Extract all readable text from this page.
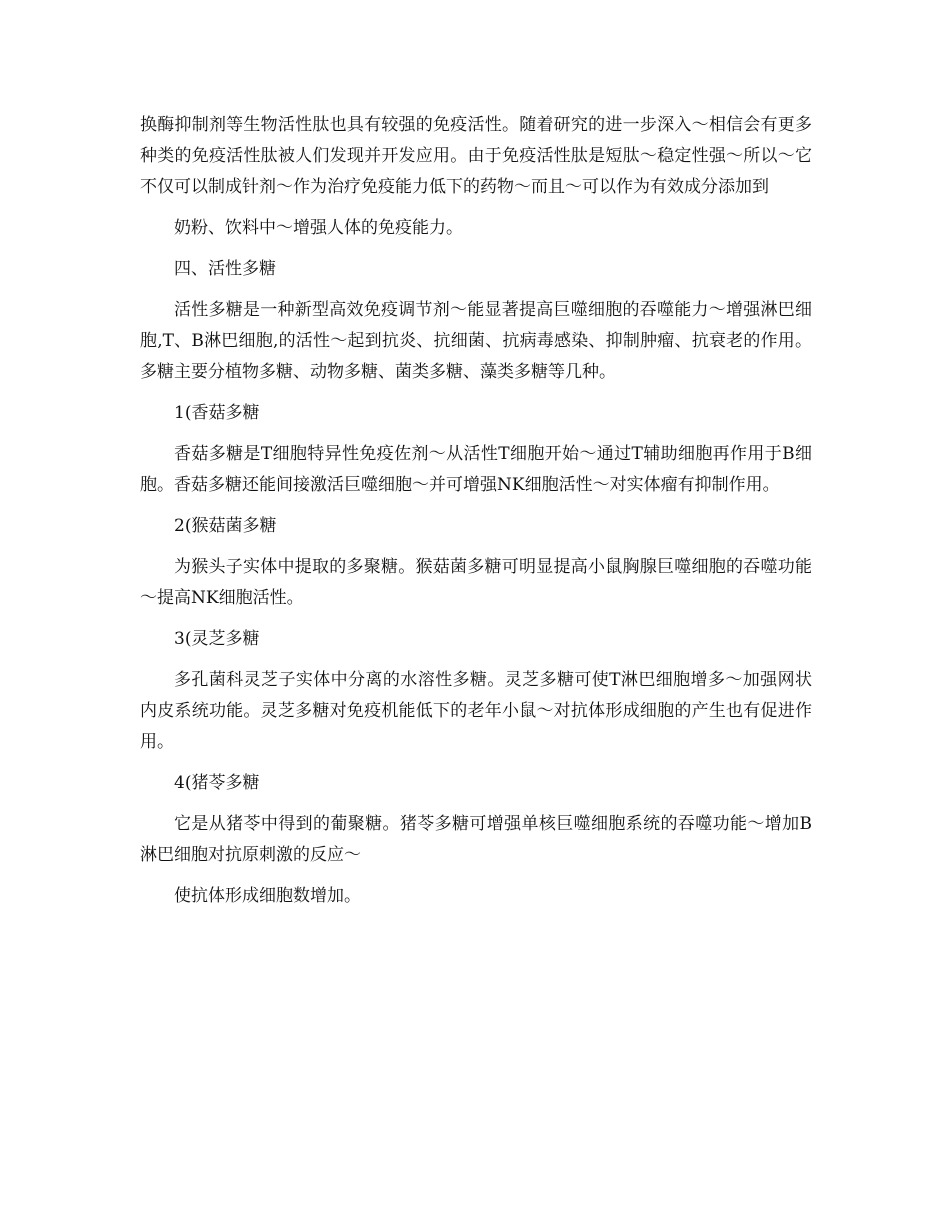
换酶抑制剂等生物活性肽也具有较强的免疫活性。随着研究的进一步深入～相信会有更多种类的免疫活性肽被人们发现并开发应用。由于免疫活性肽是短肽～稳定性强～所以～它不仅可以制成针剂～作为治疗免疫能力低下的药物～而且～可以作为有效成分添加到

奶粉、饮料中～增强人体的免疫能力。

四、活性多糖

活性多糖是一种新型高效免疫调节剂～能显著提高巨噬细胞的吞噬能力～增强淋巴细胞,T、B淋巴细胞,的活性～起到抗炎、抗细菌、抗病毒感染、抑制肿瘤、抗衰老的作用。多糖主要分植物多糖、动物多糖、菌类多糖、藻类多糖等几种。

1(香菇多糖

香菇多糖是T细胞特异性免疫佐剂～从活性T细胞开始～通过T辅助细胞再作用于B细胞。香菇多糖还能间接激活巨噬细胞～并可增强NK细胞活性～对实体瘤有抑制作用。

2(猴菇菌多糖

为猴头子实体中提取的多聚糖。猴菇菌多糖可明显提高小鼠胸腺巨噬细胞的吞噬功能～提高NK细胞活性。

3(灵芝多糖

多孔菌科灵芝子实体中分离的水溶性多糖。灵芝多糖可使T淋巴细胞增多～加强网状内皮系统功能。灵芝多糖对免疫机能低下的老年小鼠～对抗体形成细胞的产生也有促进作用。

4(猪苓多糖

它是从猪苓中得到的葡聚糖。猪苓多糖可增强单核巨噬细胞系统的吞噬功能～增加B淋巴细胞对抗原刺激的反应～

使抗体形成细胞数增加。
